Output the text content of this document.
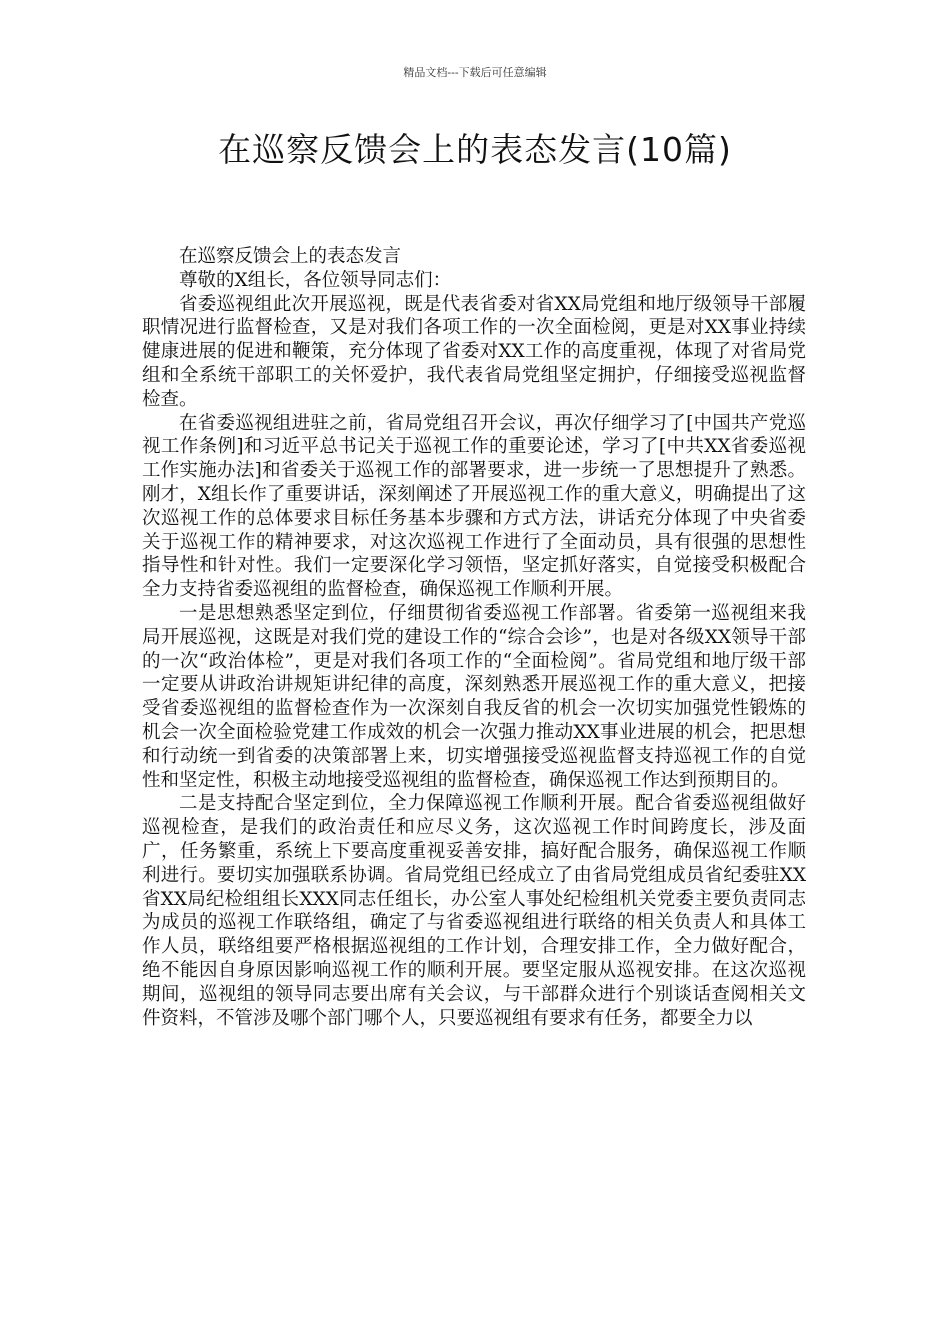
精品文档---下载后可任意编辑
在巡察反馈会上的表态发言(10篇)

在巡察反馈会上的表态发言

尊敬的X组长，各位领导同志们：

省委巡视组此次开展巡视，既是代表省委对省XX局党组和地厅级领导干部履职情况进行监督检查，又是对我们各项工作的一次全面检阅，更是对XX事业持续健康进展的促进和鞭策，充分体现了省委对XX工作的高度重视，体现了对省局党组和全系统干部职工的关怀爱护，我代表省局党组坚定拥护，仔细接受巡视监督检查。

在省委巡视组进驻之前，省局党组召开会议，再次仔细学习了[中国共产党巡视工作条例]和习近平总书记关于巡视工作的重要论述，学习了[中共XX省委巡视工作实施办法]和省委关于巡视工作的部署要求，进一步统一了思想提升了熟悉。刚才，X组长作了重要讲话，深刻阐述了开展巡视工作的重大意义，明确提出了这次巡视工作的总体要求目标任务基本步骤和方式方法，讲话充分体现了中央省委关于巡视工作的精神要求，对这次巡视工作进行了全面动员，具有很强的思想性指导性和针对性。我们一定要深化学习领悟，坚定抓好落实，自觉接受积极配合全力支持省委巡视组的监督检查，确保巡视工作顺利开展。

一是思想熟悉坚定到位，仔细贯彻省委巡视工作部署。省委第一巡视组来我局开展巡视，这既是对我们党的建设工作的“综合会诊”，也是对各级XX领导干部的一次“政治体检”，更是对我们各项工作的“全面检阅”。省局党组和地厅级干部一定要从讲政治讲规矩讲纪律的高度，深刻熟悉开展巡视工作的重大意义，把接受省委巡视组的监督检查作为一次深刻自我反省的机会一次切实加强党性锻炼的机会一次全面检验党建工作成效的机会一次强力推动XX事业进展的机会，把思想和行动统一到省委的决策部署上来，切实增强接受巡视监督支持巡视工作的自觉性和坚定性，积极主动地接受巡视组的监督检查，确保巡视工作达到预期目的。

二是支持配合坚定到位，全力保障巡视工作顺利开展。配合省委巡视组做好巡视检查，是我们的政治责任和应尽义务，这次巡视工作时间跨度长，涉及面广，任务繁重，系统上下要高度重视妥善安排，搞好配合服务，确保巡视工作顺利进行。要切实加强联系协调。省局党组已经成立了由省局党组成员省纪委驻XX省XX局纪检组组长XXX同志任组长，办公室人事处纪检组机关党委主要负责同志为成员的巡视工作联络组，确定了与省委巡视组进行联络的相关负责人和具体工作人员，联络组要严格根据巡视组的工作计划，合理安排工作，全力做好配合，绝不能因自身原因影响巡视工作的顺利开展。要坚定服从巡视安排。在这次巡视期间，巡视组的领导同志要出席有关会议，与干部群众进行个别谈话查阅相关文件资料，不管涉及哪个部门哪个人，只要巡视组有要求有任务，都要全力以
